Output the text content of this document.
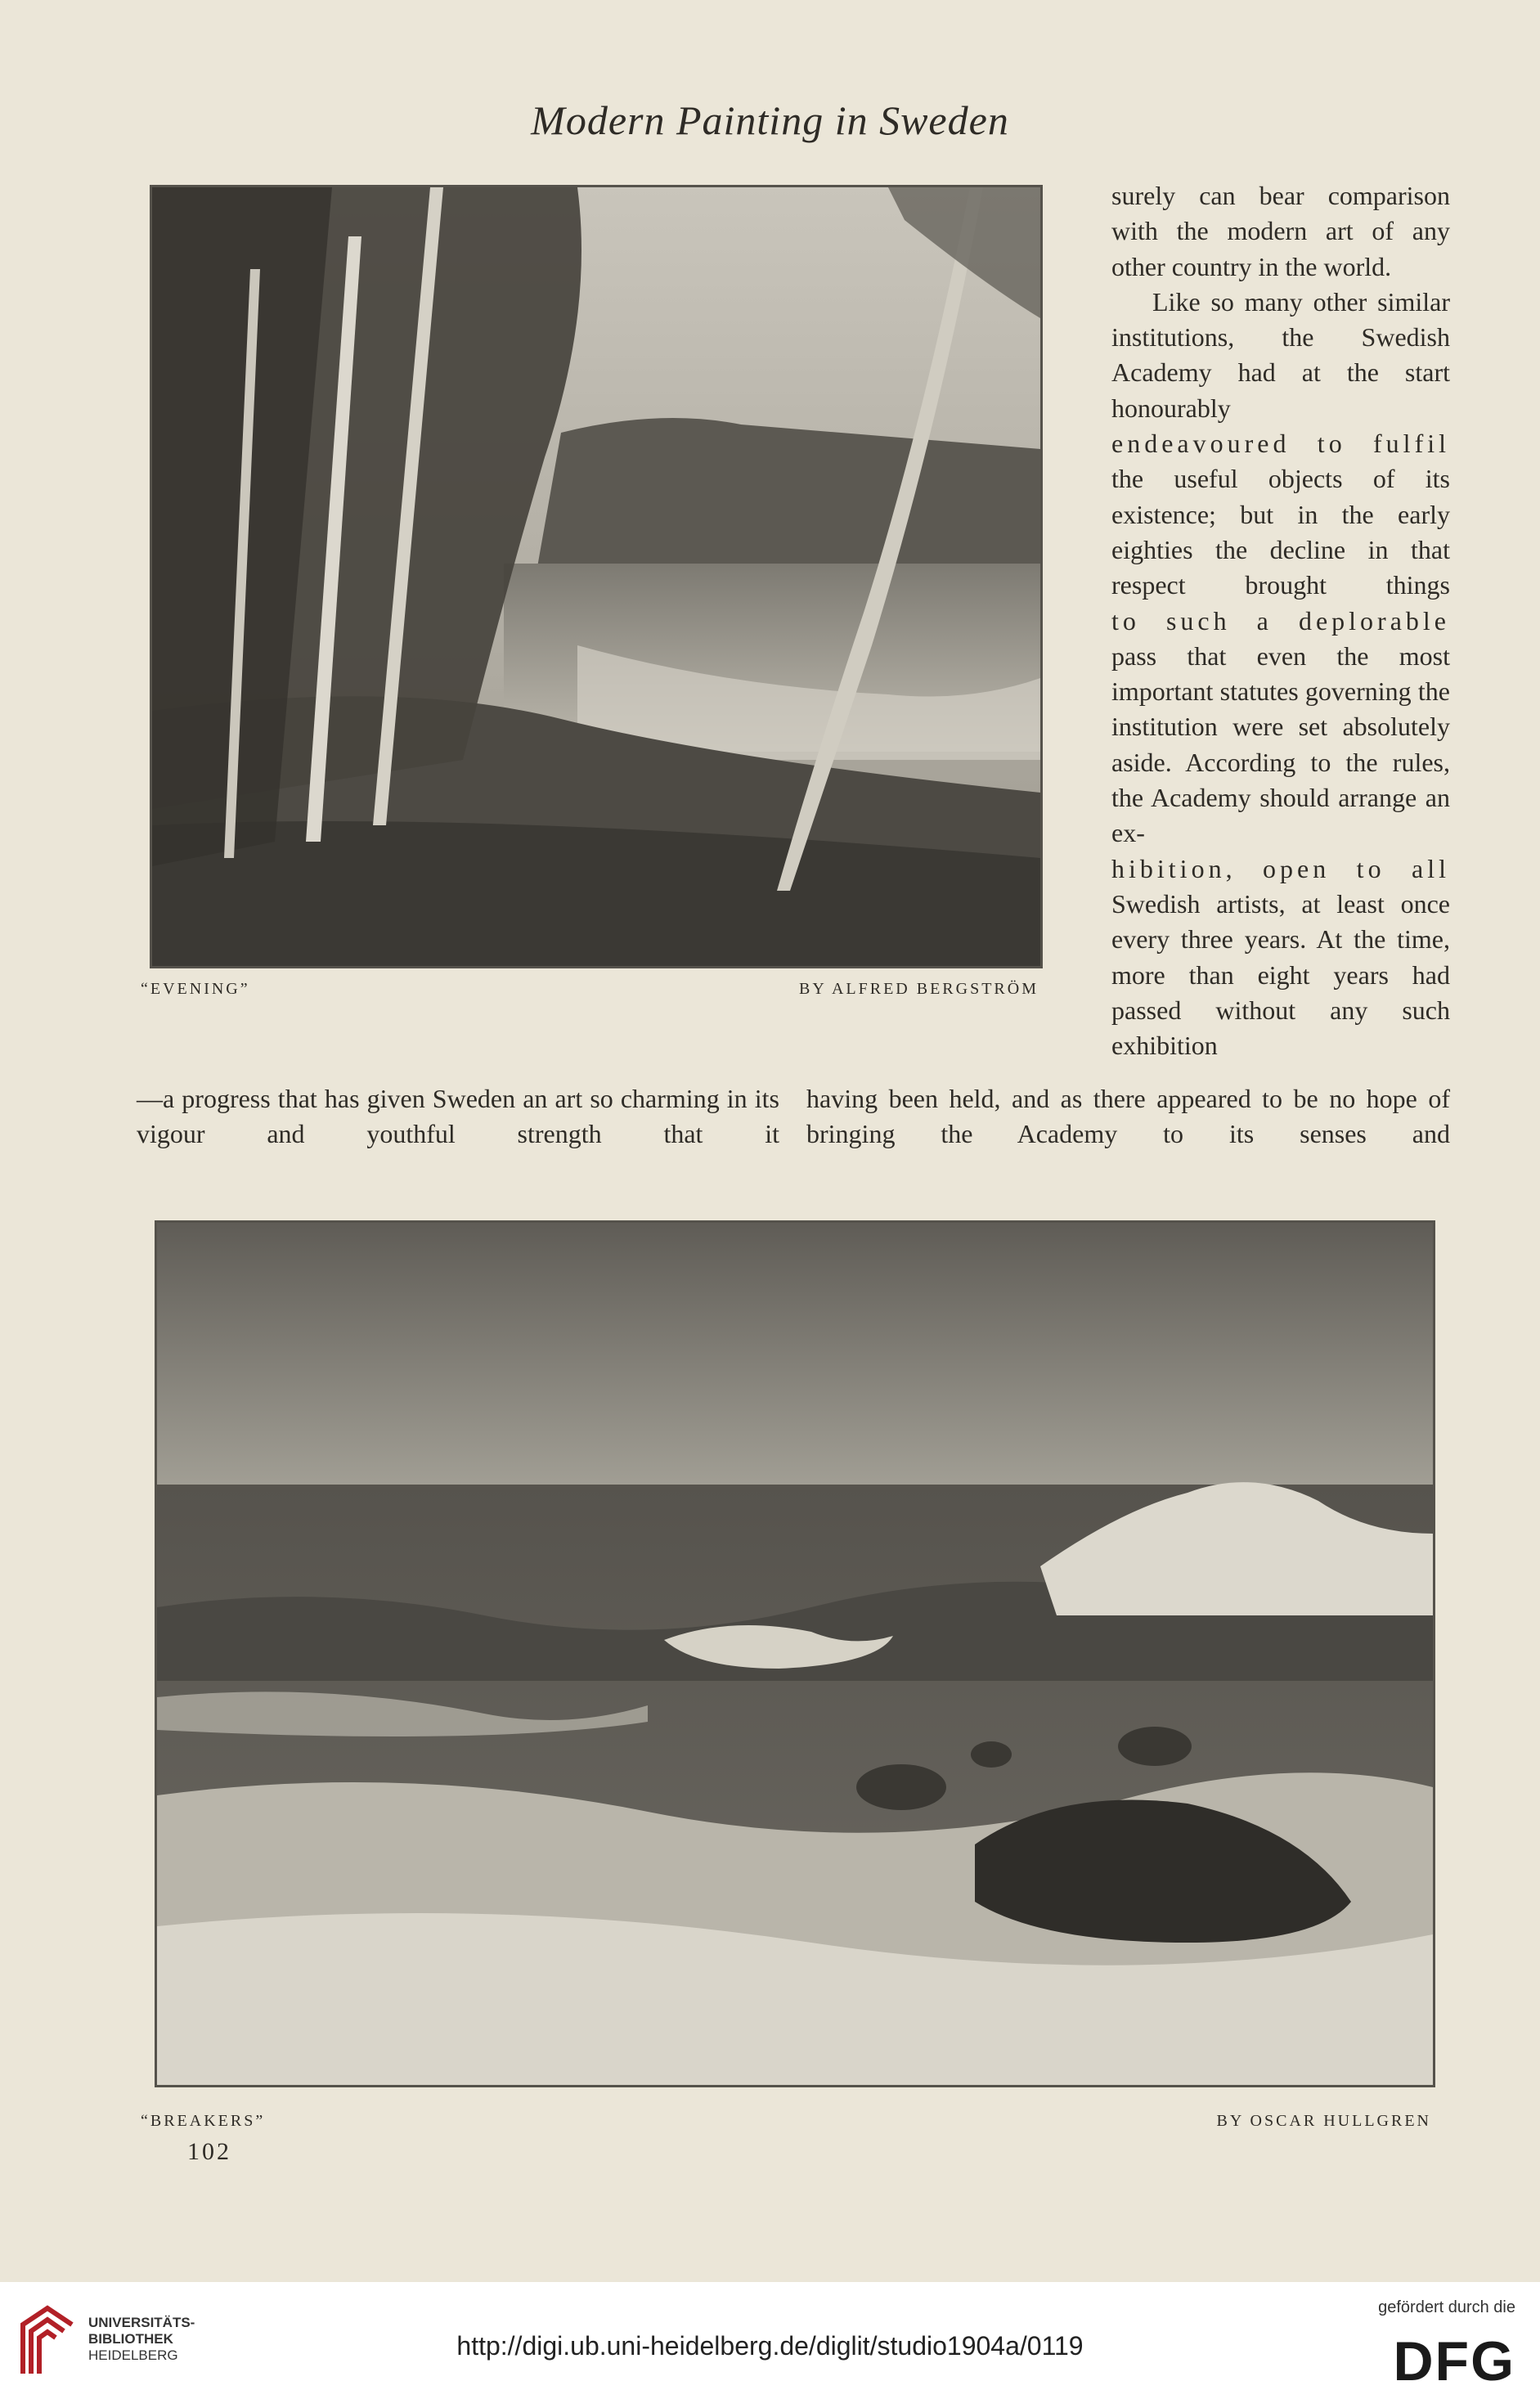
Modern Painting in Sweden
“EVENING”	BY ALFRED BERGSTRÖM

surely can bear comparison with the modern art of any other country in the world.

Like so many other similar institutions, the Swedish Academy had at the start honourably

endeavoured to fulfil

the useful objects of its existence; but in the early eighties the decline in that respect brought things

to such a deplorable

pass that even the most important statutes governing the institution were set absolutely aside. According to the rules, the Academy should arrange an ex-

hibition, open to all

Swedish artists, at least once every three years. At the time, more than eight years had passed without any such exhibition

—a progress that has given Sweden an art so charming in its vigour and youthful strength that it

having been held, and as there appeared to be no hope of bringing the Academy to its senses and

“BREAKERS”	BY OSCAR HULLGREN
102
UNIVERSITÄTS-
BIBLIOTHEK
HEIDELBERG	http://digi.ub.uni-heidelberg.de/diglit/studio1904a/0119
gefördert durch die
DFG
